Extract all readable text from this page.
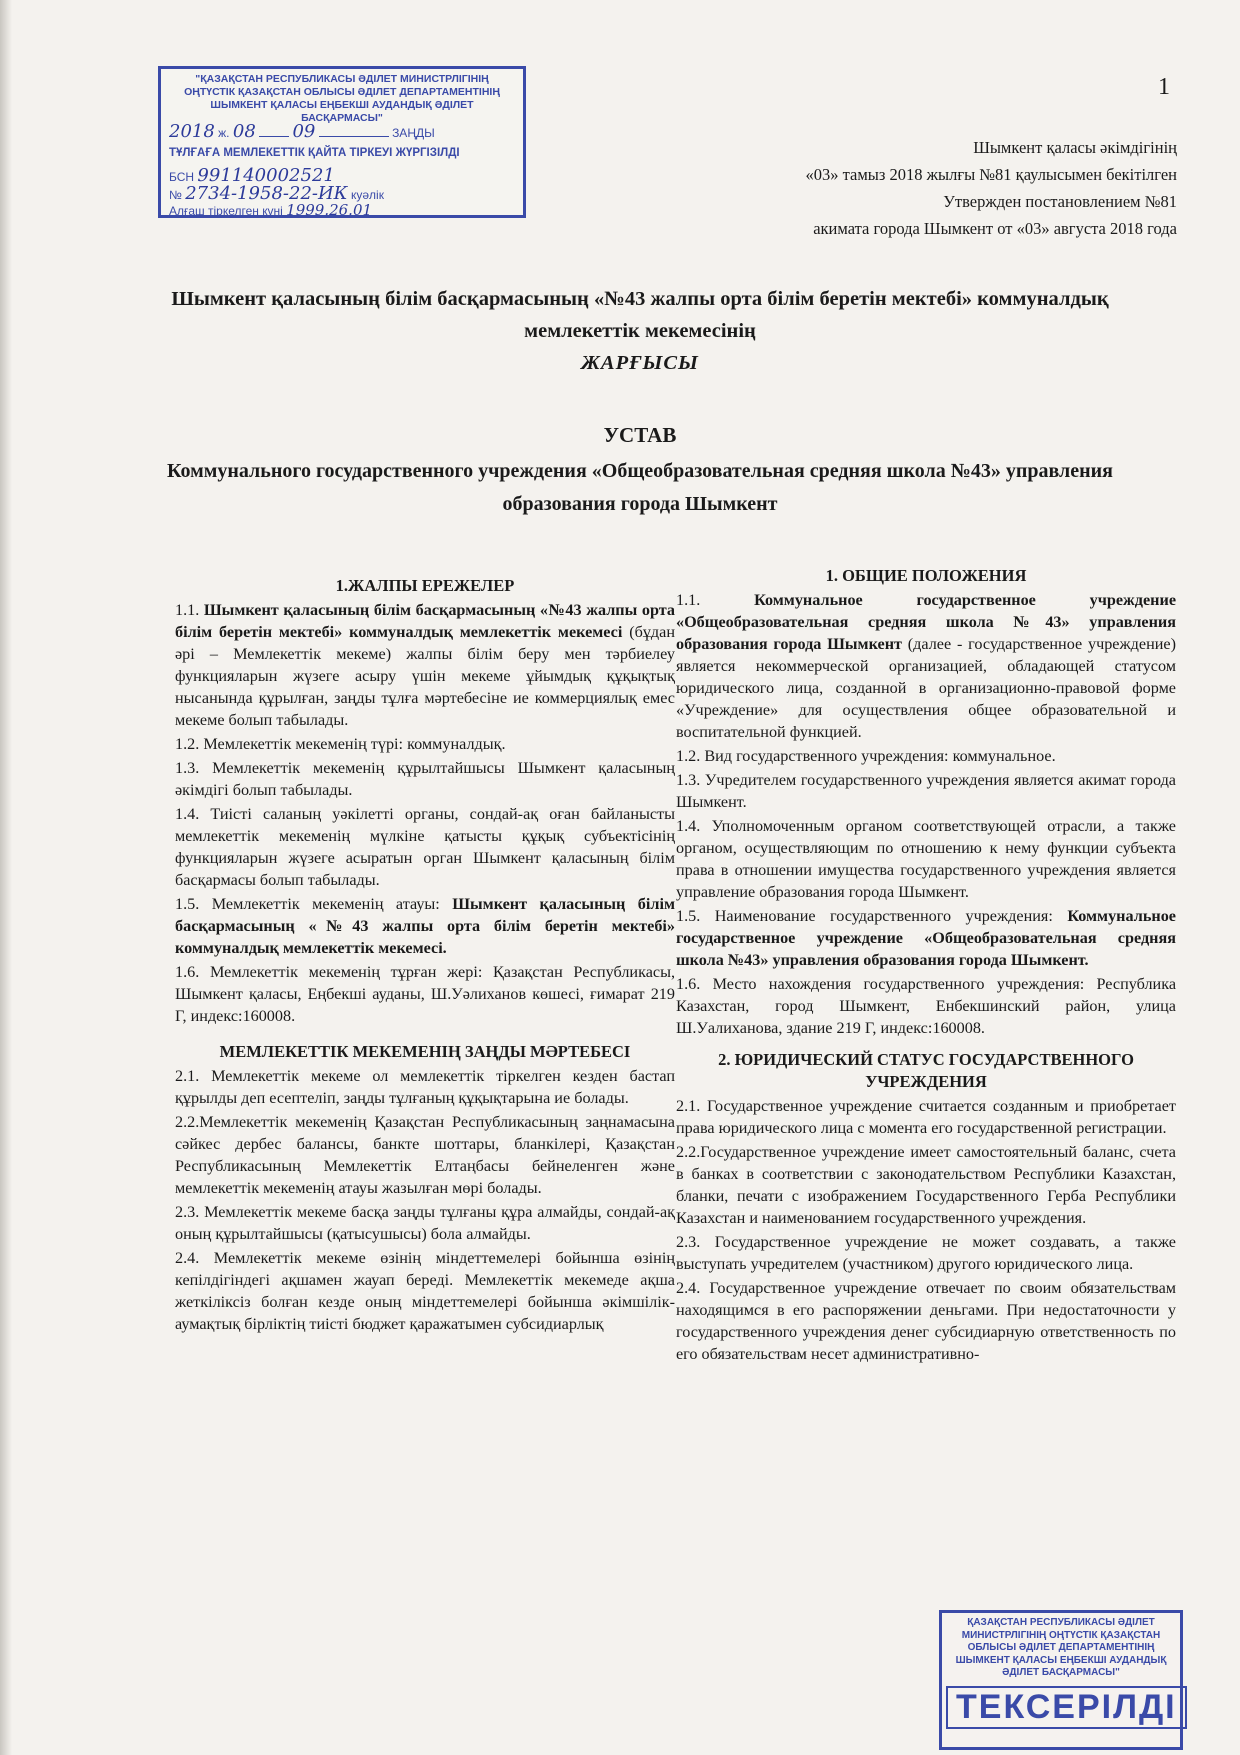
1
"ҚАЗАҚСТАН РЕСПУБЛИКАСЫ ӘДІЛЕТ МИНИСТРЛІГІНІҢ ОҢТҮСТІК ҚАЗАҚСТАН ОБЛЫСЫ ӘДІЛЕТ ДЕПАРТАМЕНТІНІҢ ШЫМКЕНТ ҚАЛАСЫ ЕҢБЕКШІ АУДАНДЫҚ ӘДІЛЕТ БАСҚАРМАСЫ"
2018 ж. 08 09	ЗАҢДЫ
ТҰЛҒАҒА МЕМЛЕКЕТТІК ҚАЙТА ТІРКЕУІ ЖҮРГІЗІЛДІ
БСН 991140002521
№ 2734-1958-22-ИК куәлік
Алғаш тіркелген күні 1999.26.01
Шымкент қаласы әкімдігінің
«03» тамыз 2018 жылғы №81 қаулысымен бекітілген
Утвержден постановлением №81
акимата города Шымкент от «03» августа 2018 года
Шымкент қаласының білім басқармасының «№43 жалпы орта білім беретін мектебі» коммуналдық мемлекеттік мекемесінің
ЖАРҒЫСЫ
УСТАВ
Коммунального государственного учреждения «Общеобразовательная средняя школа №43» управления образования города Шымкент
1.ЖАЛПЫ ЕРЕЖЕЛЕР

1.1. Шымкент қаласының білім басқармасының «№43 жалпы орта білім беретін мектебі» коммуналдық мемлекеттік мекемесі (бұдан әрі – Мемлекеттік мекеме) жалпы білім беру мен тәрбиелеу функцияларын жүзеге асыру үшін мекеме ұйымдық құқықтық нысанында құрылған, заңды тұлға мәртебесіне ие коммерциялық емес мекеме болып табылады.

1.2. Мемлекеттік мекеменің түрі: коммуналдық.

1.3. Мемлекеттік мекеменің құрылтайшысы Шымкент қаласының әкімдігі болып табылады.

1.4. Тиісті саланың уәкілетті органы, сондай-ақ оған байланысты мемлекеттік мекеменің мүлкіне қатысты құқық субъектісінің функцияларын жүзеге асыратын орган Шымкент қаласының білім басқармасы болып табылады.

1.5. Мемлекеттік мекеменің атауы: Шымкент қаласының білім басқармасының «№43 жалпы орта білім беретін мектебі» коммуналдық мемлекеттік мекемесі.

1.6. Мемлекеттік мекеменің тұрған жері: Қазақстан Республикасы, Шымкент қаласы, Еңбекші ауданы, Ш.Уәлиханов көшесі, ғимарат 219 Г, индекс:160008.

МЕМЛЕКЕТТІК МЕКЕМЕНІҢ ЗАҢДЫ МӘРТЕБЕСІ

2.1. Мемлекеттік мекеме ол мемлекеттік тіркелген кезден бастап құрылды деп есептеліп, заңды тұлғаның құқықтарына ие болады.

2.2.Мемлекеттік мекеменің Қазақстан Республикасының заңнамасына сәйкес дербес балансы, банкте шоттары, бланкілері, Қазақстан Республикасының Мемлекеттік Елтаңбасы бейнеленген және мемлекеттік мекеменің атауы жазылған мөрі болады.

2.3. Мемлекеттік мекеме басқа заңды тұлғаны құра алмайды, сондай-ақ оның құрылтайшысы (қатысушысы) бола алмайды.

2.4. Мемлекеттік мекеме өзінің міндеттемелері бойынша өзінің кепілдігіндегі ақшамен жауап береді. Мемлекеттік мекемеде ақша жеткіліксіз болған кезде оның міндеттемелері бойынша әкімшілік-аумақтық бірліктің тиісті бюджет қаражатымен субсидиарлық

1. ОБЩИЕ ПОЛОЖЕНИЯ

1.1.	Коммунальное государственное учреждение «Общеобразовательная средняя школа №43» управления образования города Шымкент (далее - государственное учреждение) является некоммерческой организацией, обладающей статусом юридического лица, созданной в организационно-правовой форме «Учреждение» для осуществления общее образовательной и воспитательной функцией.

1.2. Вид государственного учреждения: коммунальное.

1.3. Учредителем государственного учреждения является акимат города Шымкент.

1.4. Уполномоченным органом соответствующей отрасли, а также органом, осуществляющим по отношению к нему функции субъекта права в отношении имущества государственного учреждения является управление образования города Шымкент.

1.5. Наименование государственного учреждения: Коммунальное государственное учреждение «Общеобразовательная средняя школа №43» управления образования города Шымкент.

1.6. Место нахождения государственного учреждения: Республика Казахстан, город Шымкент, Енбекшинский район, улица Ш.Уалиханова, здание 219 Г, индекс:160008.

2. ЮРИДИЧЕСКИЙ СТАТУС ГОСУДАРСТВЕННОГО УЧРЕЖДЕНИЯ

2.1. Государственное учреждение считается созданным и приобретает права юридического лица с момента его государственной регистрации.

2.2.Государственное учреждение имеет самостоятельный баланс, счета в банках в соответствии с законодательством Республики Казахстан, бланки, печати с изображением Государственного Герба Республики Казахстан и наименованием государственного учреждения.

2.3. Государственное учреждение не может создавать, а также выступать учредителем (участником) другого юридического лица.

2.4. Государственное учреждение отвечает по своим обязательствам находящимся в его распоряжении деньгами. При недостаточности у государственного учреждения денег субсидиарную ответственность по его обязательствам несет административно-

ҚАЗАҚСТАН РЕСПУБЛИКАСЫ ӘДІЛЕТ МИНИСТРЛІГІНІҢ ОҢТҮСТІК ҚАЗАҚСТАН ОБЛЫСЫ ӘДІЛЕТ ДЕПАРТАМЕНТІНІҢ ШЫМКЕНТ ҚАЛАСЫ ЕҢБЕКШІ АУДАНДЫҚ ӘДІЛЕТ БАСҚАРМАСЫ"
ТЕКСЕРІЛДІ
